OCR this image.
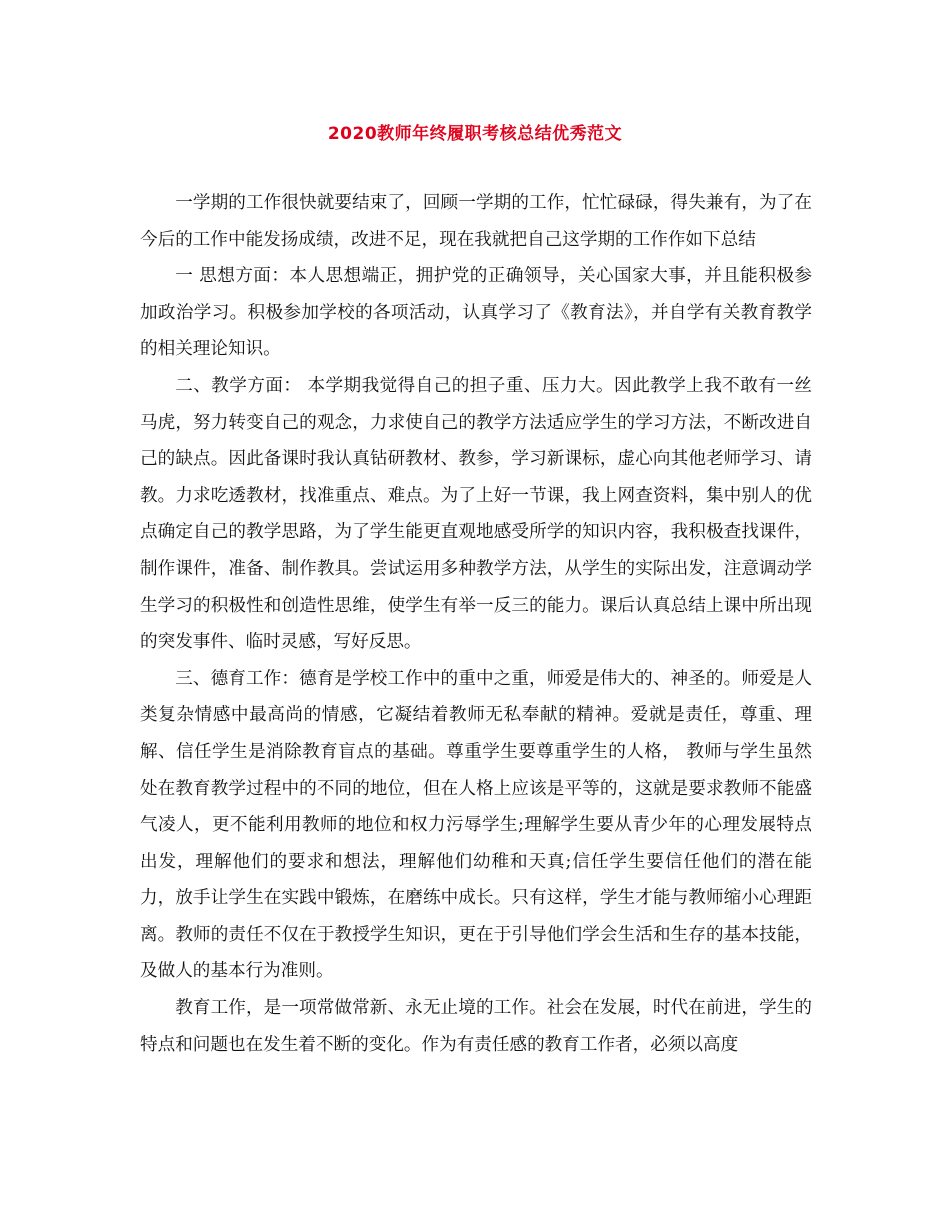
2020教师年终履职考核总结优秀范文

一学期的工作很快就要结束了，回顾一学期的工作，忙忙碌碌，得失兼有，为了在今后的工作中能发扬成绩，改进不足，现在我就把自己这学期的工作作如下总结

一 思想方面：本人思想端正，拥护党的正确领导，关心国家大事，并且能积极参加政治学习。积极参加学校的各项活动，认真学习了《教育法》，并自学有关教育教学的相关理论知识。

二、教学方面： 本学期我觉得自己的担子重、压力大。因此教学上我不敢有一丝马虎，努力转变自己的观念，力求使自己的教学方法适应学生的学习方法，不断改进自己的缺点。因此备课时我认真钻研教材、教参，学习新课标，虚心向其他老师学习、请教。力求吃透教材，找准重点、难点。为了上好一节课，我上网查资料，集中别人的优点确定自己的教学思路，为了学生能更直观地感受所学的知识内容，我积极查找课件，制作课件，准备、制作教具。尝试运用多种教学方法，从学生的实际出发，注意调动学生学习的积极性和创造性思维，使学生有举一反三的能力。课后认真总结上课中所出现的突发事件、临时灵感，写好反思。

三、德育工作：德育是学校工作中的重中之重，师爱是伟大的、神圣的。师爱是人类复杂情感中最高尚的情感，它凝结着教师无私奉献的精神。爱就是责任，尊重、理解、信任学生是消除教育盲点的基础。尊重学生要尊重学生的人格， 教师与学生虽然处在教育教学过程中的不同的地位，但在人格上应该是平等的，这就是要求教师不能盛气凌人，更不能利用教师的地位和权力污辱学生;理解学生要从青少年的心理发展特点出发，理解他们的要求和想法，理解他们幼稚和天真;信任学生要信任他们的潜在能力，放手让学生在实践中锻炼，在磨练中成长。只有这样，学生才能与教师缩小心理距离。教师的责任不仅在于教授学生知识，更在于引导他们学会生活和生存的基本技能，及做人的基本行为准则。

教育工作，是一项常做常新、永无止境的工作。社会在发展，时代在前进，学生的特点和问题也在发生着不断的变化。作为有责任感的教育工作者，必须以高度
